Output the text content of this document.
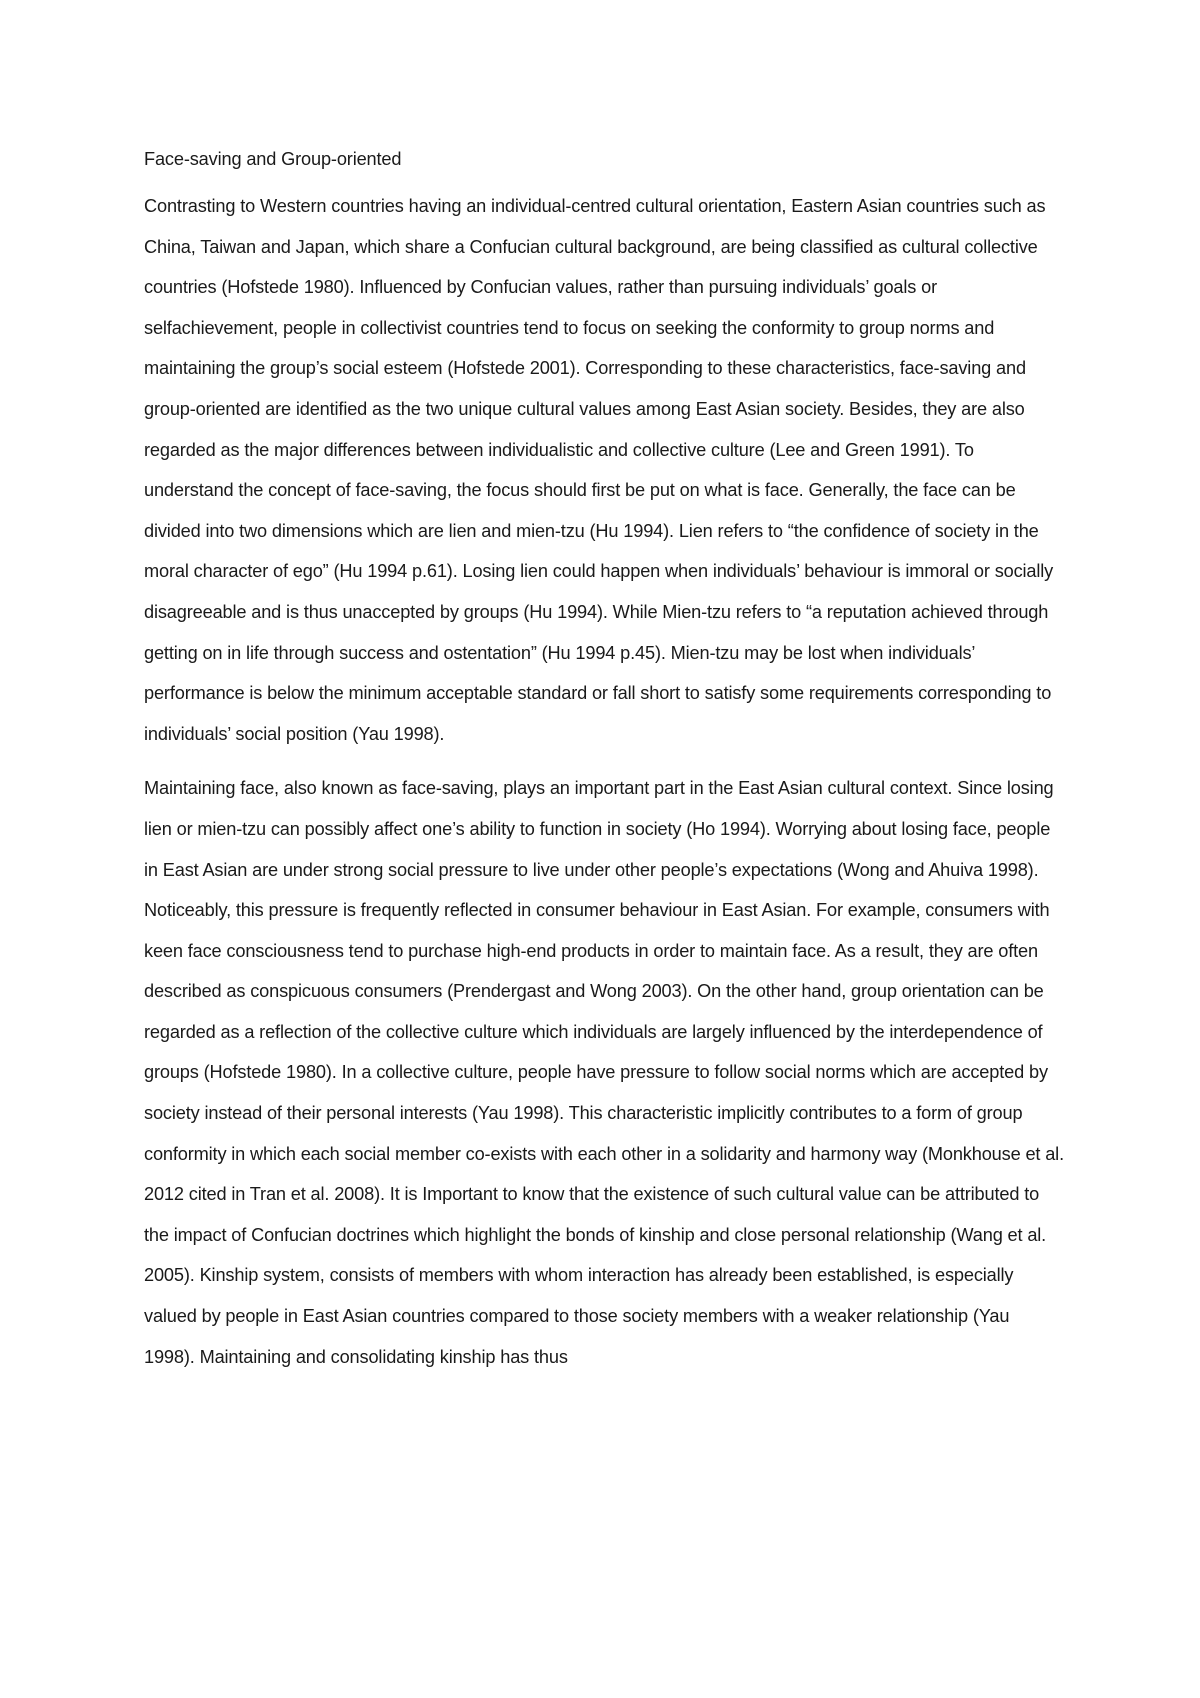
Face-saving and Group-oriented

Contrasting to Western countries having an individual-centred cultural orientation, Eastern Asian countries such as China, Taiwan and Japan, which share a Confucian cultural background, are being classified as cultural collective countries (Hofstede 1980). Influenced by Confucian values, rather than pursuing individuals’ goals or selfachievement, people in collectivist countries tend to focus on seeking the conformity to group norms and maintaining the group’s social esteem (Hofstede 2001). Corresponding to these characteristics, face-saving and group-oriented are identified as the two unique cultural values among East Asian society. Besides, they are also regarded as the major differences between individualistic and collective culture (Lee and Green 1991). To understand the concept of face-saving, the focus should first be put on what is face. Generally, the face can be divided into two dimensions which are lien and mien-tzu (Hu 1994). Lien refers to “the confidence of society in the moral character of ego” (Hu 1994 p.61). Losing lien could happen when individuals’ behaviour is immoral or socially disagreeable and is thus unaccepted by groups (Hu 1994). While Mien-tzu refers to “a reputation achieved through getting on in life through success and ostentation” (Hu 1994 p.45). Mien-tzu may be lost when individuals’ performance is below the minimum acceptable standard or fall short to satisfy some requirements corresponding to individuals’ social position (Yau 1998).

Maintaining face, also known as face-saving, plays an important part in the East Asian cultural context. Since losing lien or mien-tzu can possibly affect one’s ability to function in society (Ho 1994). Worrying about losing face, people in East Asian are under strong social pressure to live under other people’s expectations (Wong and Ahuiva 1998). Noticeably, this pressure is frequently reflected in consumer behaviour in East Asian. For example, consumers with keen face consciousness tend to purchase high-end products in order to maintain face. As a result, they are often described as conspicuous consumers (Prendergast and Wong 2003). On the other hand, group orientation can be regarded as a reflection of the collective culture which individuals are largely influenced by the interdependence of groups (Hofstede 1980). In a collective culture, people have pressure to follow social norms which are accepted by society instead of their personal interests (Yau 1998). This characteristic implicitly contributes to a form of group conformity in which each social member co-exists with each other in a solidarity and harmony way (Monkhouse et al. 2012 cited in Tran et al. 2008). It is Important to know that the existence of such cultural value can be attributed to the impact of Confucian doctrines which highlight the bonds of kinship and close personal relationship (Wang et al. 2005). Kinship system, consists of members with whom interaction has already been established, is especially valued by people in East Asian countries compared to those society members with a weaker relationship (Yau 1998). Maintaining and consolidating kinship has thus
